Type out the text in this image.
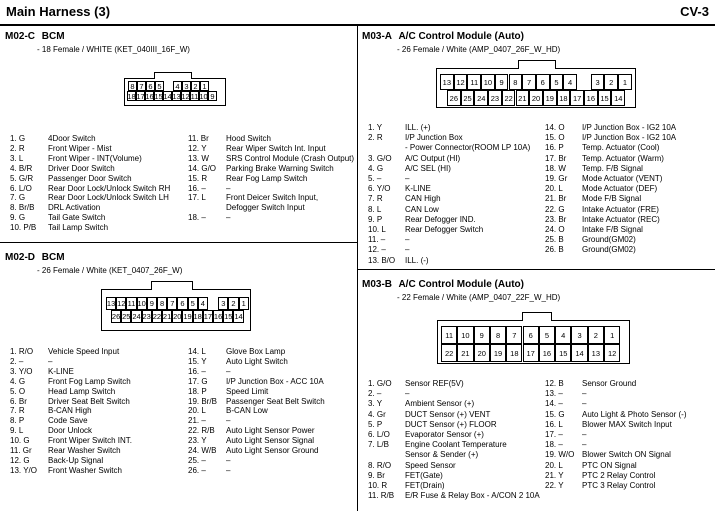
Main Harness (3)	CV-3
M02-C BCM
- 18 Female / WHITE (KET_040III_16F_W)
8 7 6 5	4 3 2 1
18 17 16 15 14 13 12 11 10 9
1. G	4Door Switch
2. R	Front Wiper - Mist
3. L	Front Wiper - INT(Volume)
4. B/R Driver Door Switch
5. G/R Passenger Door Switch
6. L/O Rear Door Lock/Unlock Switch RH
7. G	Rear Door Lock/Unlock Switch LH
8. Br/B DRL Activation
9. G	Tail Gate Switch
10. P/B Tail Lamp Switch
11. Br Hood Switch
12. Y Rear Wiper Switch Int. Input
13. W SRS Control Module (Crash Output)
14. G/O Parking Brake Warning Switch
15. R Rear Fog Lamp Switch
16. –	–
17. L	Front Deicer Switch Input,
Defogger Switch Input
18. –	–
M02-D BCM
- 26 Female / White (KET_0407_26F_W)
13 12 11 10 9 8 7 6 5 4	3 2 1
26 25 24 23 22 21 20 19 18 17 16 15 14
1. R/O Vehicle Speed Input
2. –	–
3. Y/O K-LINE
4. G	Front Fog Lamp Switch
5. O	Head Lamp Switch
6. Br	Driver Seat Belt Switch
7. R	B-CAN High
8. P	Code Save
9. L	Door Unlock
10. G Front Wiper Switch INT.
11. Gr Rear Washer Switch
12. G Back-Up Signal
13. Y/O Front Washer Switch
14. L	Glove Box Lamp
15. Y Auto Light Switch
16. –	–
17. G I/P Junction Box - ACC 10A
18. P Speed Limit
19. Br/B Passenger Seat Belt Switch
20. L	B-CAN Low
21. –	–
22. R/B Auto Light Sensor Power
23. Y Auto Light Sensor Signal
24. W/B Auto Light Sensor Ground
25. –	–
26. –	–
M03-A A/C Control Module (Auto)
- 26 Female / White (AMP_0407_26F_W_HD)
13 12 11 10 9	8	7	6	5	4	3	2	1
26 25 24 23 22 21 20 19 18 17 16 15 14
1. Y	ILL. (+)
2. R	I/P Junction Box
- Power Connector(ROOM LP 10A)
3. G/O A/C Output (HI)
4. G	A/C SEL (HI)
5. –	–
6. Y/O K-LINE
7. R	CAN High
8. L	CAN Low
9. P	Rear Defogger IND.
10. L Rear Defogger Switch
11. – –
12. – –
13. B/O ILL. (-)
14. O I/P Junction Box - IG2 10A
15. O I/P Junction Box - IG2 10A
16. P Temp. Actuator (Cool)
17. Br Temp. Actuator (Warm)
18. W Temp. F/B Signal
19. Gr Mode Actuator (VENT)
20. L Mode Actuator (DEF)
21. Br Mode F/B Signal
22. G Intake Actuator (FRE)
23. Br Intake Actuator (REC)
24. O Intake F/B Signal
25. B Ground(GM02)
26. B Ground(GM02)
M03-B A/C Control Module (Auto)
- 22 Female / White (AMP_0407_22F_W_HD)
11	10	9	8	7	6	5	4	3	2	1
22	21	20	19	18	17	16	15	14	13	12
1. G/O Sensor REF(5V)
2. –	–
3. Y	Ambient Sensor (+)
4. Gr DUCT Sensor (+) VENT
5. P	DUCT Sensor (+) FLOOR
6. L/O Evaporator Sensor (+)
7. L/B Engine Coolant Temperature
Sensor & Sender (+)
8. R/O Speed Sensor
9. Br	FET(Gate)
10. R FET(Drain)
11. R/B E/R Fuse & Relay Box - A/CON 2 10A
12. B Sensor Ground
13. – –
14. – –
15. G Auto Light & Photo Sensor (-)
16. L Blower MAX Switch Input
17. – –
18. – –
19. W/O Blower Switch ON Signal
20. L PTC ON Signal
21. Y PTC 2 Relay Control
22. Y PTC 3 Relay Control
